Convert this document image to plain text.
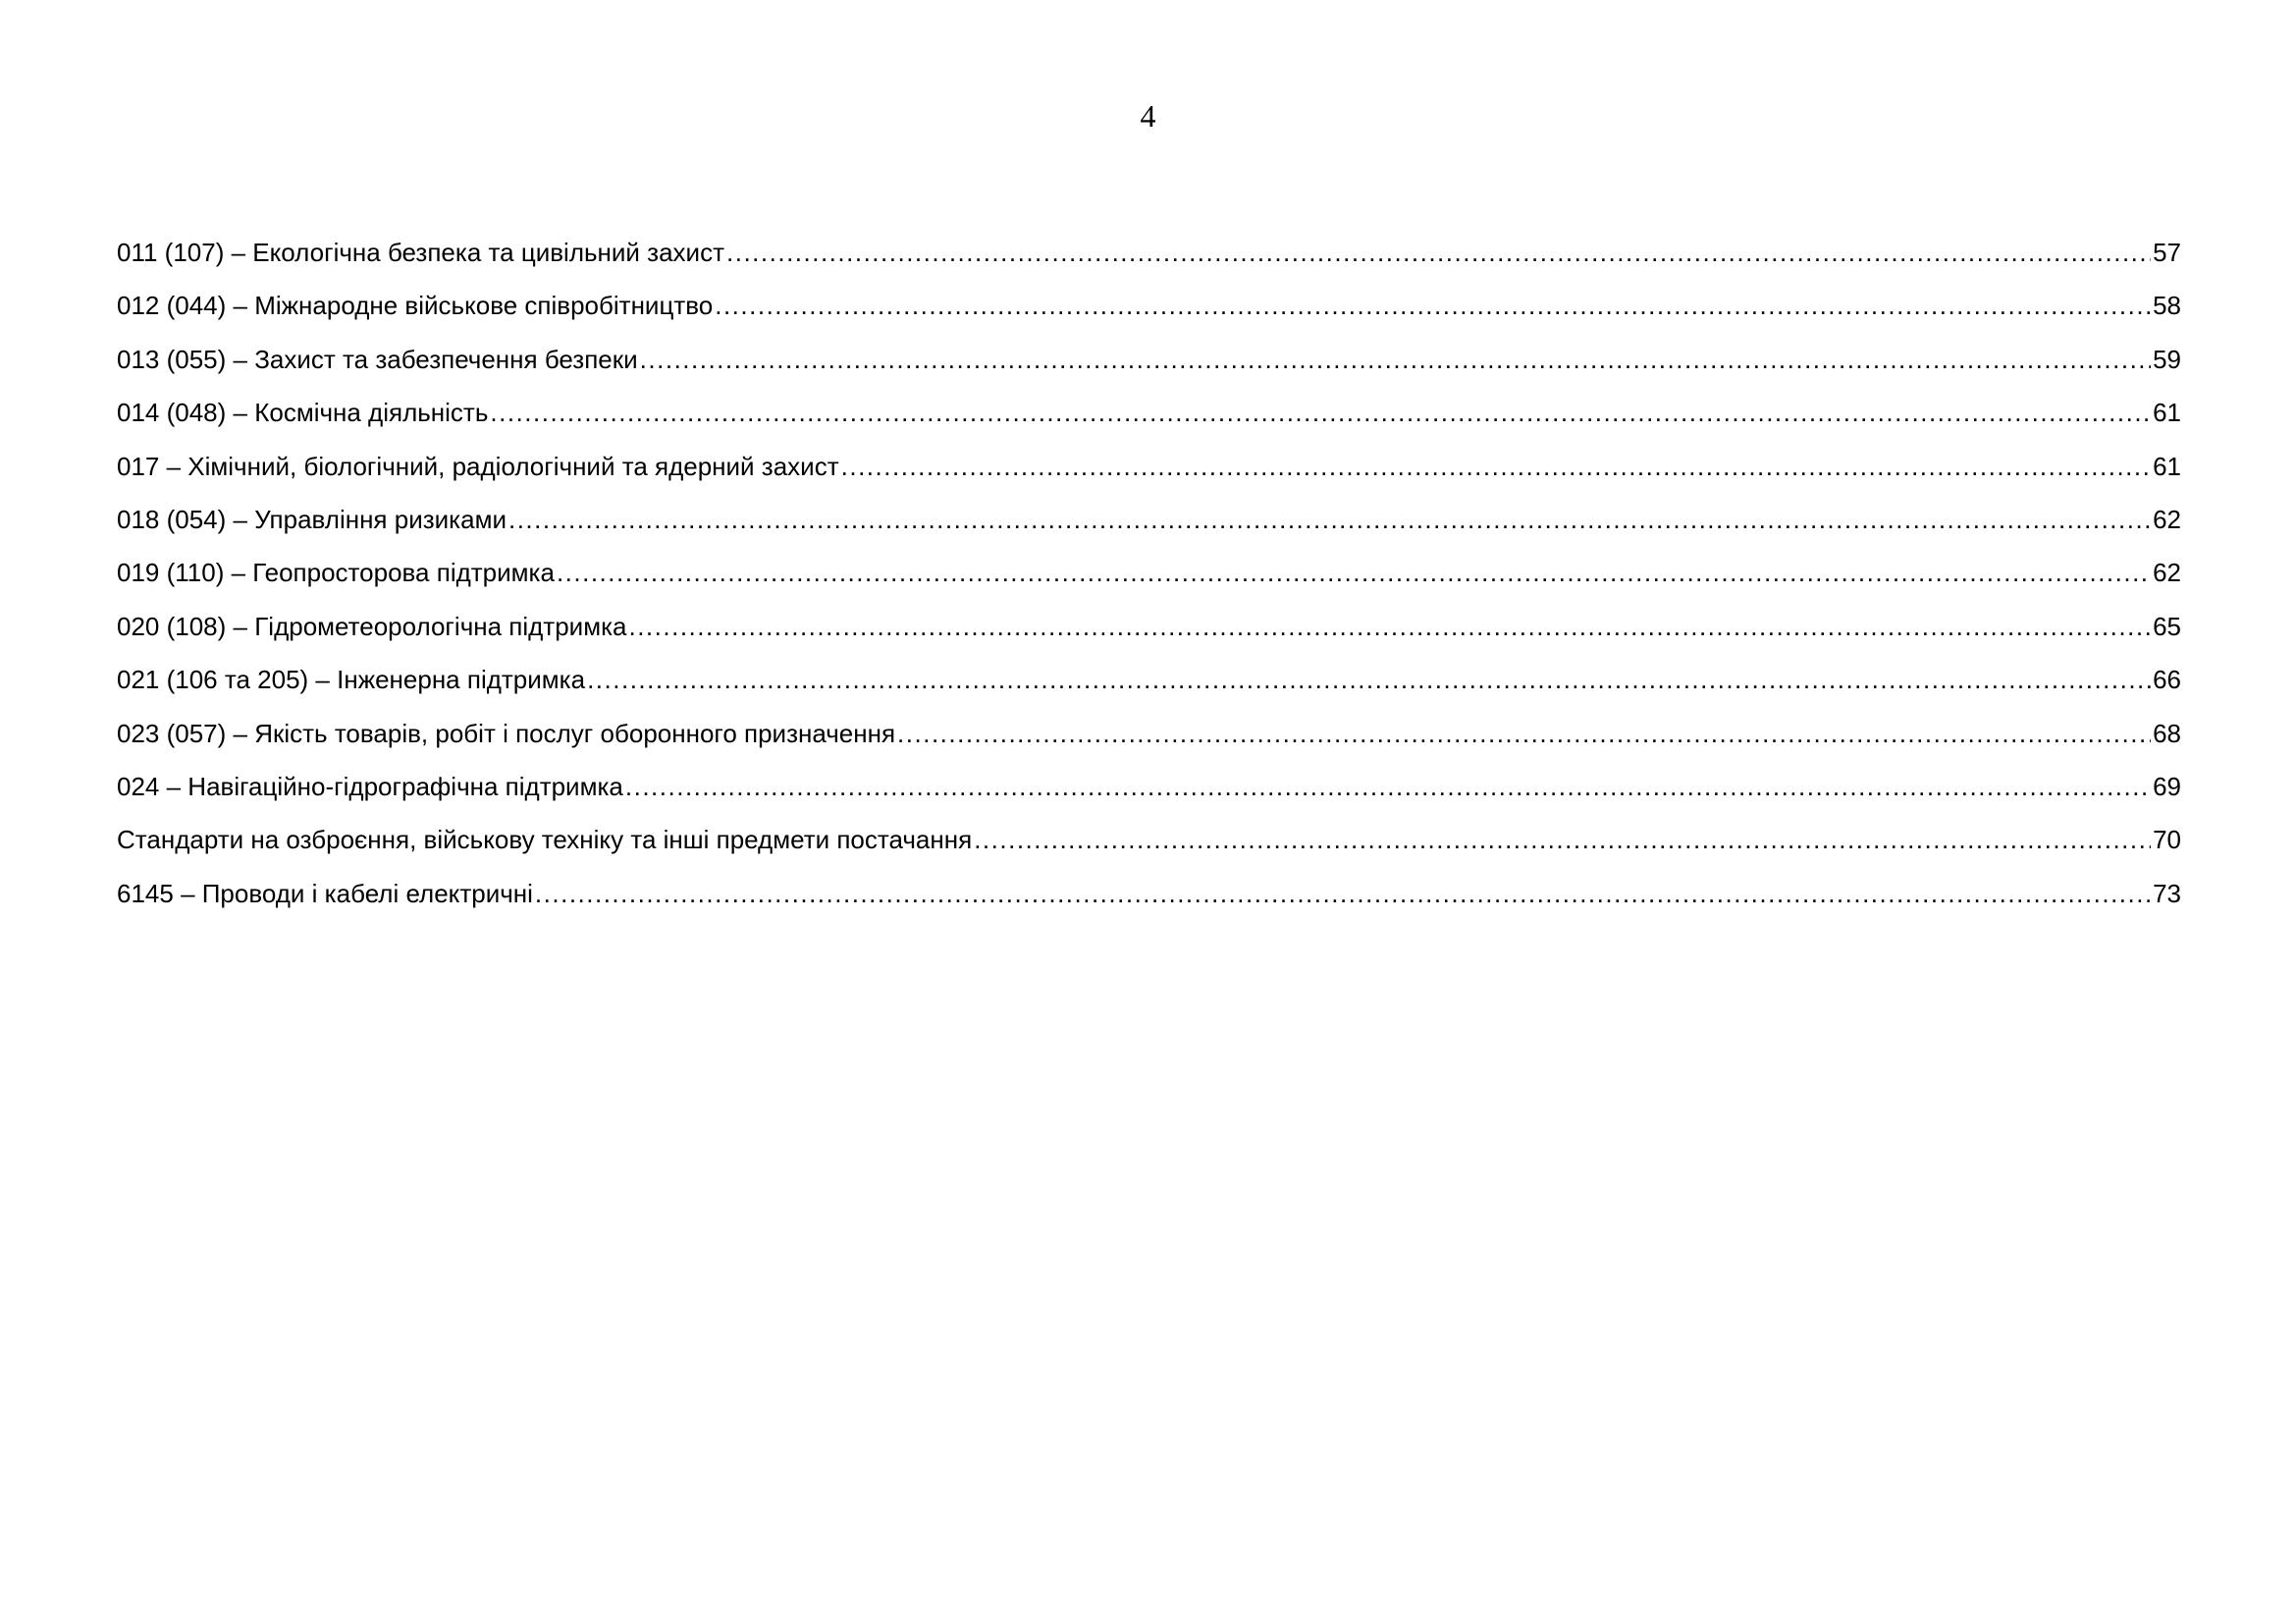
4
011 (107) – Екологічна безпека та цивільний захист .....	57
012 (044) – Міжнародне військове співробітництво .....	58
013 (055) – Захист та забезпечення безпеки .....	59
014 (048) – Космічна діяльність .....	61
017 – Хімічний, біологічний, радіологічний та ядерний захист .....	61
018 (054) – Управління ризиками .....	62
019 (110) – Геопросторова підтримка .....	62
020 (108) – Гідрометеорологічна підтримка .....	65
021 (106 та 205) – Інженерна підтримка .....	66
023 (057) – Якість товарів, робіт і послуг оборонного призначення .....	68
024 – Навігаційно-гідрографічна підтримка .....	69
Стандарти на озброєння, військову техніку та інші предмети постачання .....	70
6145 – Проводи і кабелі електричні .....	73
